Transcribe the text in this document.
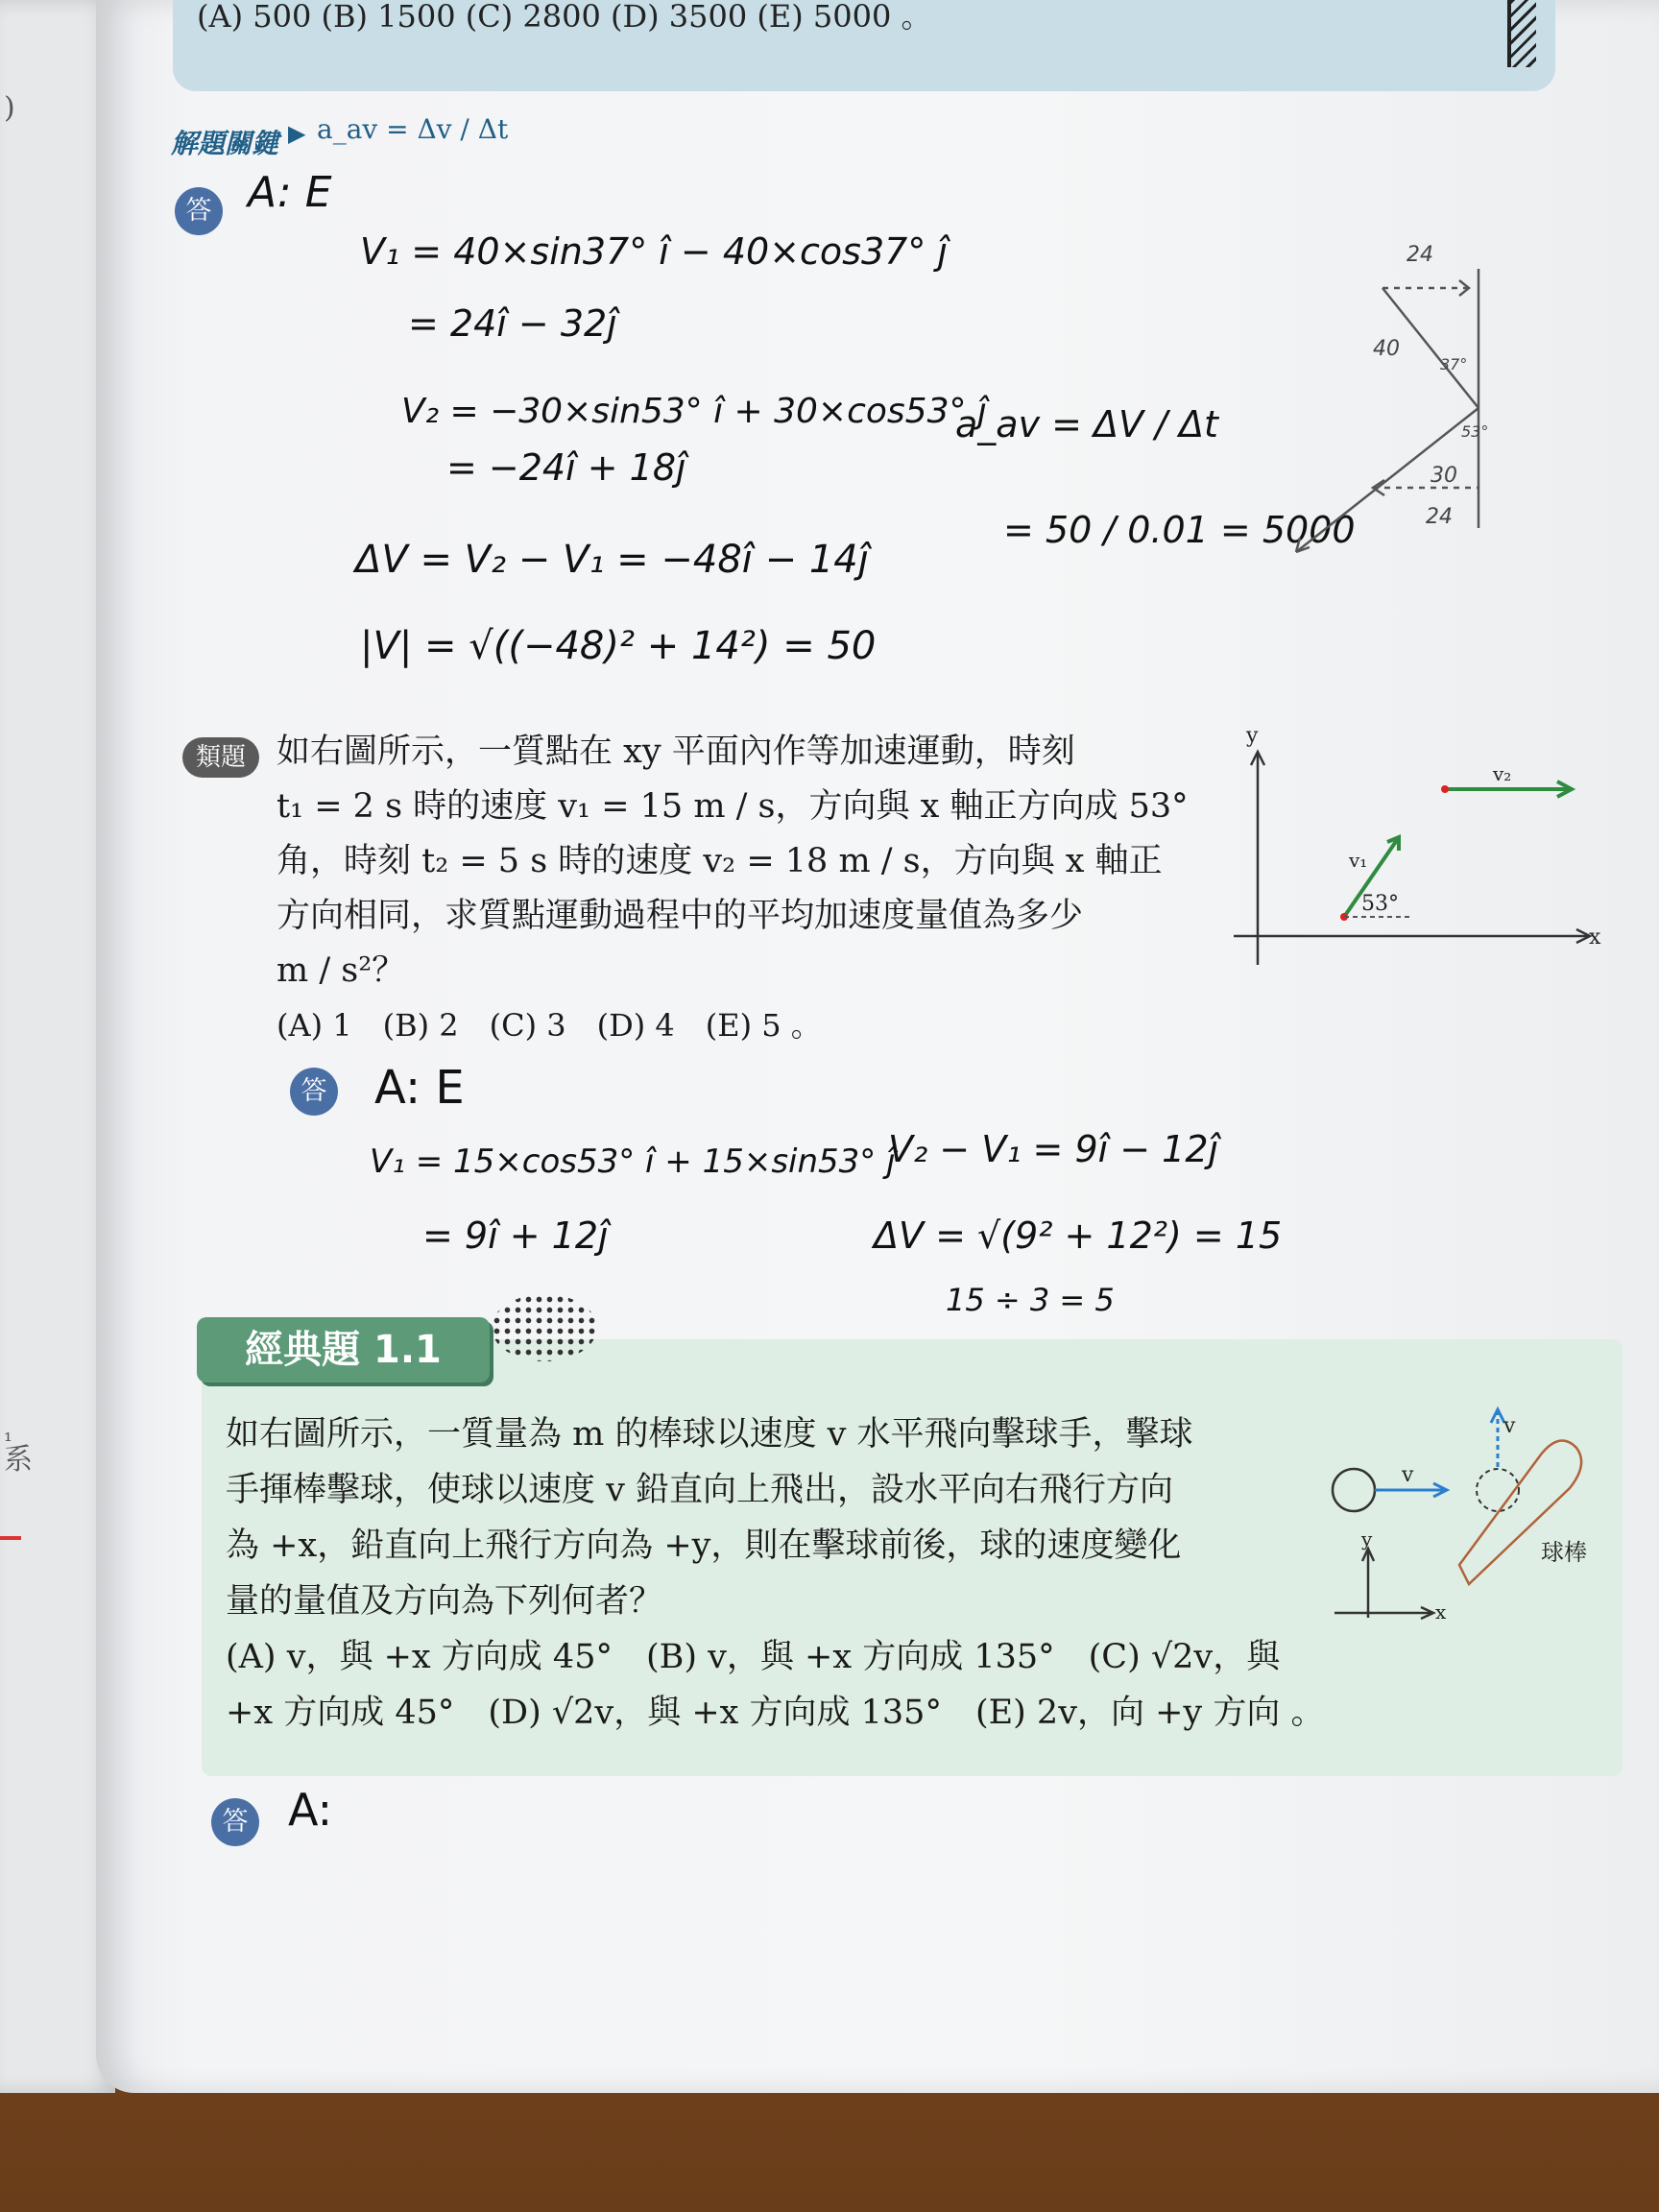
)
₁
系
(A) 500 (B) 1500 (C) 2800 (D) 3500 (E) 5000 。
解題關鍵 ▶ a_av = Δv / Δt
答 A: E
V₁ = 40×sin37° î − 40×cos37° ĵ
= 24î − 32ĵ
V₂ = −30×sin53° î + 30×cos53° ĵ
= −24î + 18ĵ
ΔV = V₂ − V₁ = −48î − 14ĵ
|V| = √((−48)² + 14²) = 50
a_av = ΔV / Δt
= 50 / 0.01 = 5000
24
40
37°
53°
30
24
類題 如右圖所示，一質點在 xy 平面內作等加速運動，時刻
t₁ = 2 s 時的速度 v₁ = 15 m / s，方向與 x 軸正方向成 53°
角，時刻 t₂ = 5 s 時的速度 v₂ = 18 m / s，方向與 x 軸正
方向相同，求質點運動過程中的平均加速度量值為多少
m / s²？
(A) 1　(B) 2　(C) 3　(D) 4　(E) 5 。
y
x
v₁
v₂
53°
答 A: E
V₁ = 15×cos53° î + 15×sin53° ĵ
= 9î + 12ĵ
V₂ − V₁ = 9î − 12ĵ
ΔV = √(9² + 12²) = 15
15 ÷ 3 = 5
經典題 1.1
如右圖所示，一質量為 m 的棒球以速度 v 水平飛向擊球手，擊球
手揮棒擊球，使球以速度 v 鉛直向上飛出，設水平向右飛行方向
為 +x，鉛直向上飛行方向為 +y，則在擊球前後，球的速度變化
量的量值及方向為下列何者？
(A) v，與 +x 方向成 45°　(B) v，與 +x 方向成 135°　(C) √2v，與
+x 方向成 45°　(D) √2v，與 +x 方向成 135°　(E) 2v，向 +y 方向 。
v
v
y
x
球棒
答 A:
